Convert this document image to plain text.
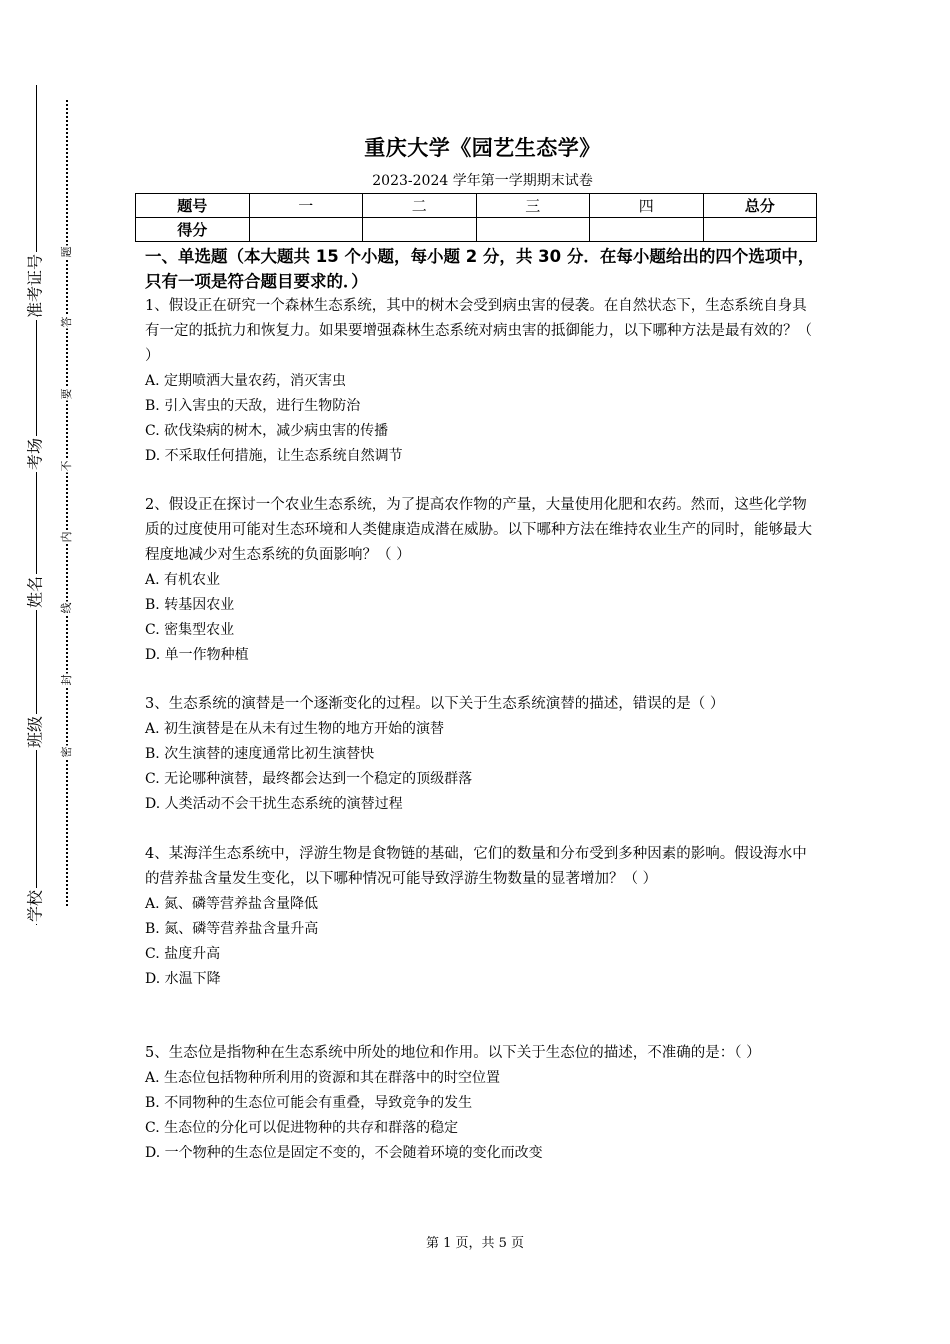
准考证号
考场
姓名
班级
学校
题
答
要
不
内
线
封
密
重庆大学《园艺生态学》
2023-2024 学年第一学期期末试卷
题号	一	二	三	四	总分
得分					
一、单选题（本大题共 15 个小题，每小题 2 分，共 30 分．在每小题给出的四个选项中，只有一项是符合题目要求的．）
1、假设正在研究一个森林生态系统，其中的树木会受到病虫害的侵袭。在自然状态下，生态系统自身具有一定的抵抗力和恢复力。如果要增强森林生态系统对病虫害的抵御能力，以下哪种方法是最有效的？（ ）
A. 定期喷洒大量农药，消灭害虫
B. 引入害虫的天敌，进行生物防治
C. 砍伐染病的树木，减少病虫害的传播
D. 不采取任何措施，让生态系统自然调节
2、假设正在探讨一个农业生态系统，为了提高农作物的产量，大量使用化肥和农药。然而，这些化学物质的过度使用可能对生态环境和人类健康造成潜在威胁。以下哪种方法在维持农业生产的同时，能够最大程度地减少对生态系统的负面影响？（ ）
A. 有机农业
B. 转基因农业
C. 密集型农业
D. 单一作物种植
3、生态系统的演替是一个逐渐变化的过程。以下关于生态系统演替的描述，错误的是（ ）
A. 初生演替是在从未有过生物的地方开始的演替
B. 次生演替的速度通常比初生演替快
C. 无论哪种演替，最终都会达到一个稳定的顶级群落
D. 人类活动不会干扰生态系统的演替过程
4、某海洋生态系统中，浮游生物是食物链的基础，它们的数量和分布受到多种因素的影响。假设海水中的营养盐含量发生变化，以下哪种情况可能导致浮游生物数量的显著增加？（ ）
A. 氮、磷等营养盐含量降低
B. 氮、磷等营养盐含量升高
C. 盐度升高
D. 水温下降
5、生态位是指物种在生态系统中所处的地位和作用。以下关于生态位的描述，不准确的是：（ ）
A. 生态位包括物种所利用的资源和其在群落中的时空位置
B. 不同物种的生态位可能会有重叠，导致竞争的发生
C. 生态位的分化可以促进物种的共存和群落的稳定
D. 一个物种的生态位是固定不变的，不会随着环境的变化而改变
第 1 页，共 5 页
